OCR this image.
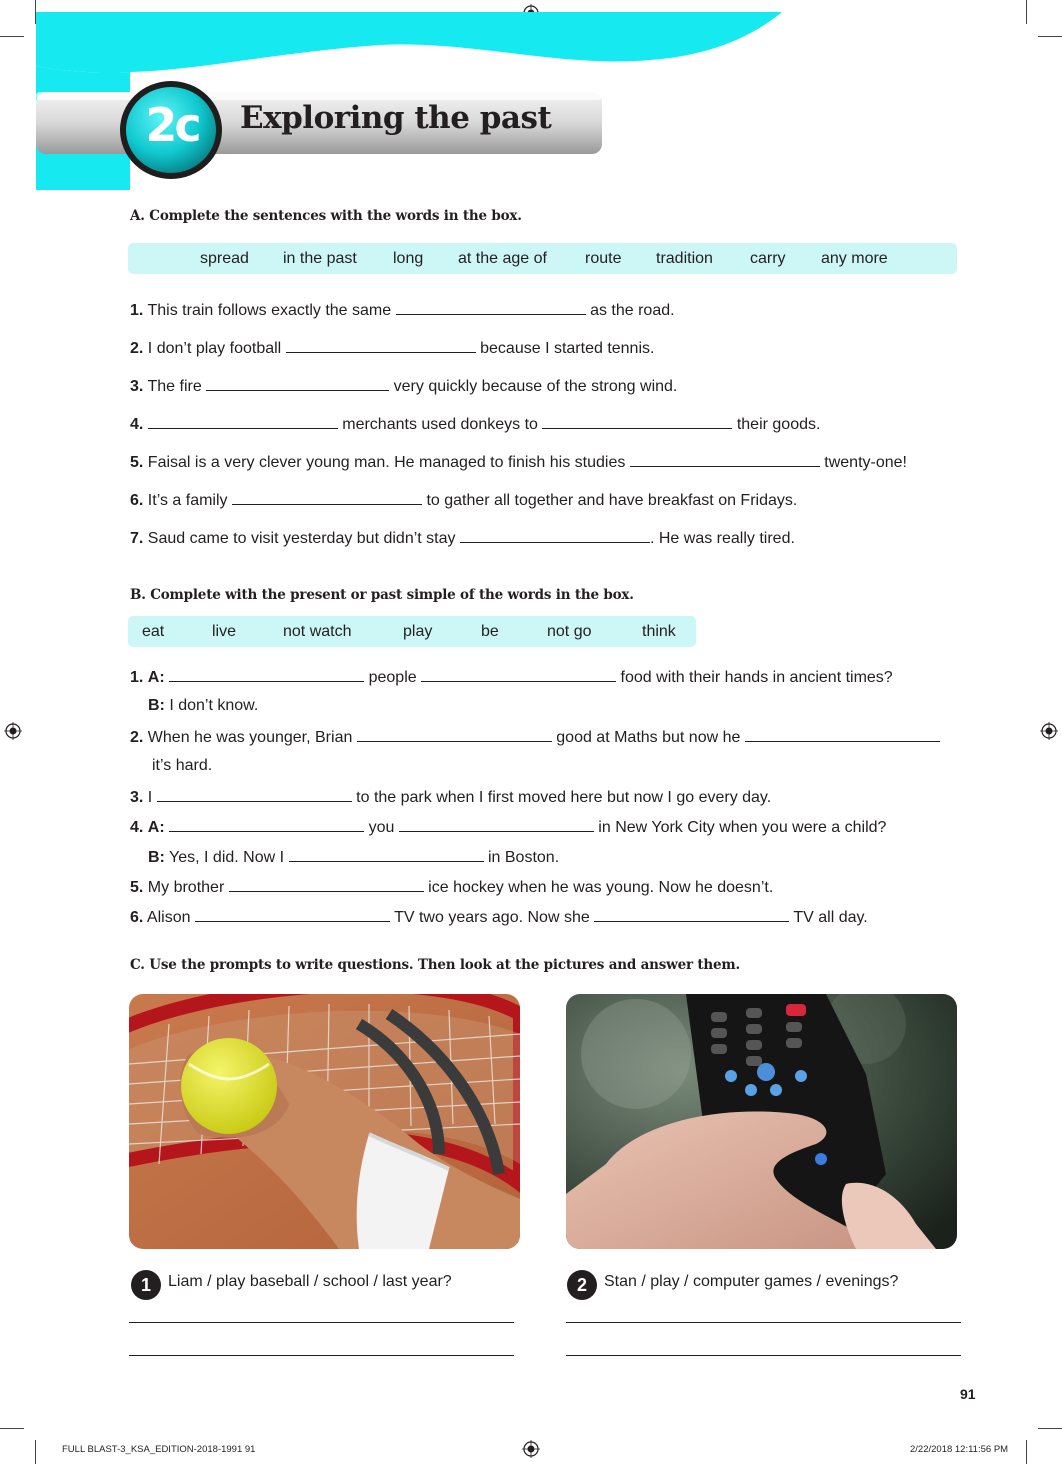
2c	Exploring the past
A. Complete the sentences with the words in the box.
spread in the past long at the age of route tradition carry any more
1. This train follows exactly the same	as the road.
2. I don’t play football	because I started tennis.
3. The fire	very quickly because of the strong wind.
4.	merchants used donkeys to	their goods.
5. Faisal is a very clever young man. He managed to finish his studies	twenty-one!
6. It’s a family	to gather all together and have breakfast on Fridays.
7. Saud came to visit yesterday but didn’t stay	. He was really tired.
B. Complete with the present or past simple of the words in the box.
eat	live	not watch	play	be	not go	think
1. A:	people	food with their hands in ancient times?
B: I don’t know.
2. When he was younger, Brian	good at Maths but now he
it’s hard.
3. I	to the park when I first moved here but now I go every day.
4. A:	you	in New York City when you were a child?
B: Yes, I did. Now I	in Boston.
5. My brother	ice hockey when he was young. Now he doesn’t.
6. Alison	TV two years ago. Now she	TV all day.
C. Use the prompts to write questions. Then look at the pictures and answer them.
1	Liam / play baseball / school / last year?	2	Stan / play / computer games / evenings?
91
FULL BLAST-3_KSA_EDITION-2018-1991 91	2/22/2018 12:11:56 PM
